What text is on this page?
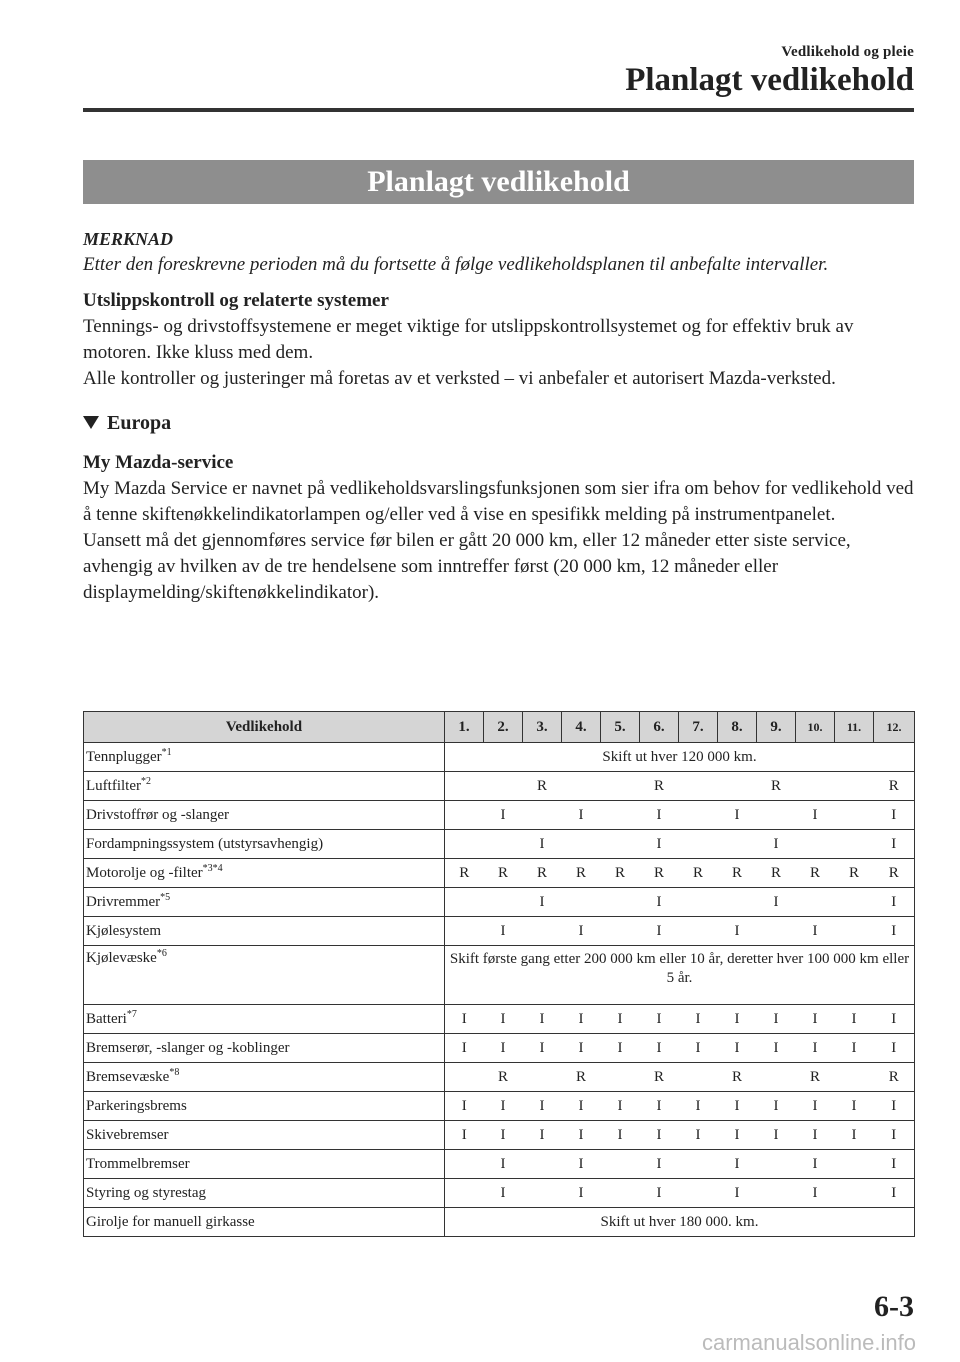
Vedlikehold og pleie
Planlagt vedlikehold
Planlagt vedlikehold

MERKNAD

Etter den foreskrevne perioden må du fortsette å følge vedlikeholdsplanen til anbefalte intervaller.

Utslippskontroll og relaterte systemer

Tennings- og drivstoffsystemene er meget viktige for utslippskontrollsystemet og for effektiv bruk av motoren. Ikke kluss med dem.

Alle kontroller og justeringer må foretas av et verksted – vi anbefaler et autorisert Mazda-verksted.

Europa

My Mazda-service

My Mazda Service er navnet på vedlikeholdsvarslingsfunksjonen som sier ifra om behov for vedlikehold ved å tenne skiftenøkkelindikatorlampen og/eller ved å vise en spesifikk melding på instrumentpanelet.

Uansett må det gjennomføres service før bilen er gått 20 000 km, eller 12 måneder etter siste service, avhengig av hvilken av de tre hendelsene som inntreffer først (20 000 km, 12 måneder eller displaymelding/skiftenøkkelindikator).

Vedlikehold	1.	2.	3.	4.	5.	6.	7.	8.	9.	10.	11.	12.
Tennplugger$^{*1}$	Skift ut hver 120 000 km.											
Luftfilter$^{*2}$			R			R			R			R
Drivstoffrør og -slanger		I		I		I		I		I		I
Fordampningssystem (utstyrsavhengig)			I			I			I			I
Motorolje og -filter$^{*3*4}$	R	R	R	R	R	R	R	R	R	R	R	R
Drivremmer$^{*5}$			I			I			I			I
Kjølesystem		I		I		I		I		I		I
Kjølevæske$^{*6}$	Skift første gang etter 200 000 km eller 10 år, deretter hver 100 000 km eller 5 år.											
Batteri$^{*7}$	I	I	I	I	I	I	I	I	I	I	I	I
Bremserør, -slanger og -koblinger	I	I	I	I	I	I	I	I	I	I	I	I
Bremsevæske$^{*8}$		R		R		R		R		R		R
Parkeringsbrems	I	I	I	I	I	I	I	I	I	I	I	I
Skivebremser	I	I	I	I	I	I	I	I	I	I	I	I
Trommelbremser		I		I		I		I		I		I
Styring og styrestag		I		I		I		I		I		I
Girolje for manuell girkasse	Skift ut hver 180 000. km.											
6-3
carmanualsonline.info
